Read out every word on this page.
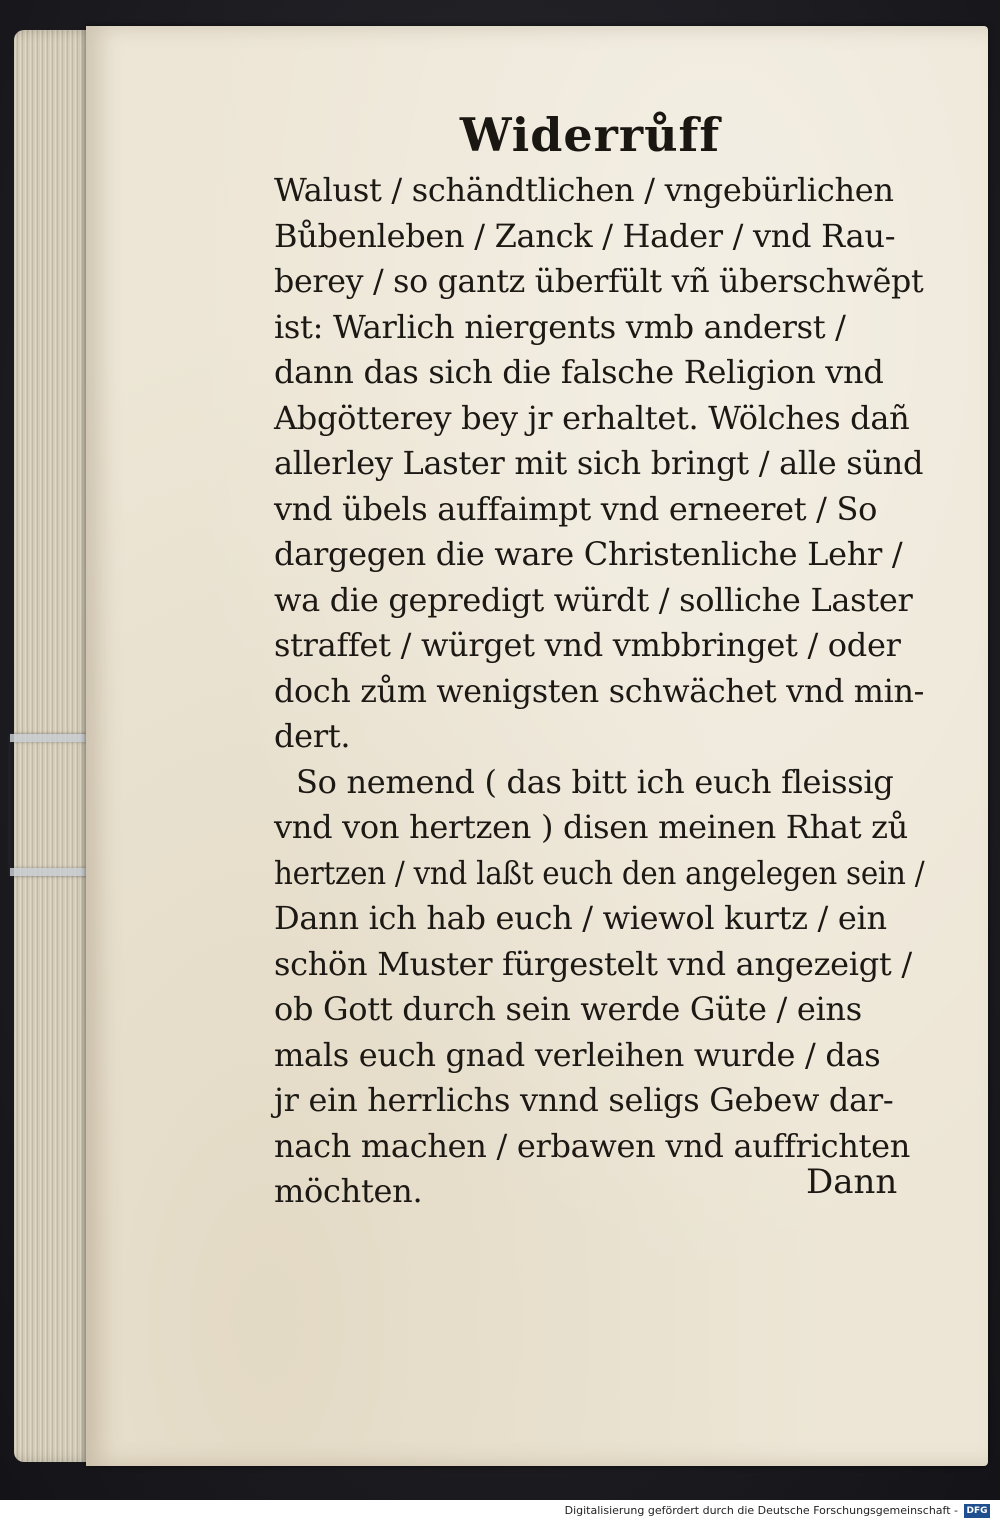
Widerrůff
Walust / schändtlichen / vngebürlichen
Bůbenleben / Zanck / Hader / vnd Rau-
berey / so gantz überfült vñ überschwẽpt
ist: Warlich niergents vmb anderst /
dann das sich die falsche Religion vnd
Abgötterey bey jr erhaltet. Wölches dañ
allerley Laster mit sich bringt / alle sünd
vnd übels auffaimpt vnd erneeret / So
dargegen die ware Christenliche Lehr /
wa die gepredigt würdt / solliche Laster
straffet / würget vnd vmbbringet / oder
doch zům wenigsten schwächet vnd min-
dert.
So nemend ( das bitt ich euch fleissig
vnd von hertzen ) disen meinen Rhat zů
hertzen / vnd laßt euch den angelegen sein /
Dann ich hab euch / wiewol kurtz / ein
schön Muster fürgestelt vnd angezeigt /
ob Gott durch sein werde Güte / eins
mals euch gnad verleihen wurde / das
jr ein herrlichs vnnd seligs Gebew dar-
nach machen / erbawen vnd auffrichten
möchten.	Dann
Digitalisierung gefördert durch die Deutsche Forschungsgemeinschaft - DFG
